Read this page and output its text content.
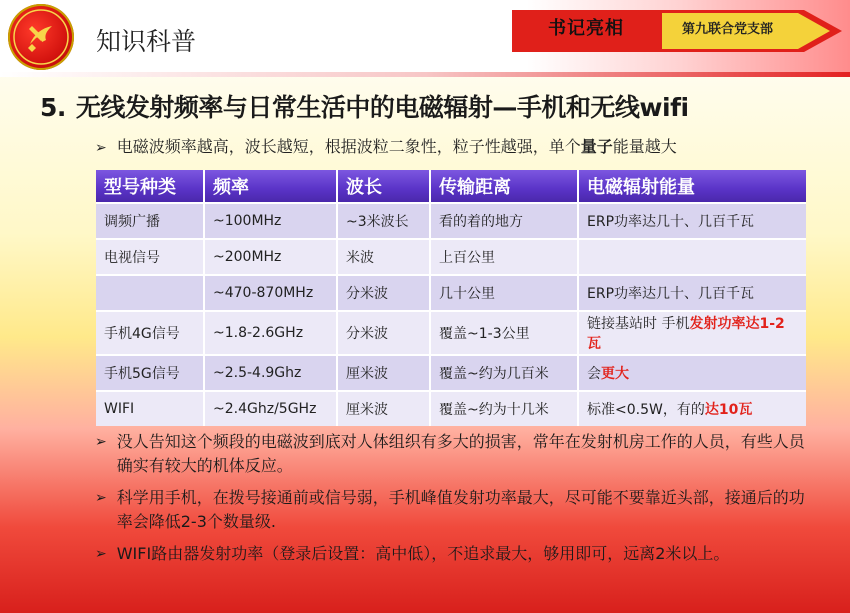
知识科普	书记亮相	第九联合党支部
5. 无线发射频率与日常生活中的电磁辐射—手机和无线wifi
➢ 电磁波频率越高，波长越短，根据波粒二象性，粒子性越强，单个量子能量越大
型号种类	频率	波长	传输距离	电磁辐射能量
调频广播	~100MHz	~3米波长	看的着的地方	ERP功率达几十、几百千瓦
电视信号	~200MHz	米波	上百公里	
	~470-870MHz	分米波	几十公里	ERP功率达几十、几百千瓦
手机4G信号	~1.8-2.6GHz	分米波	覆盖~1-3公里	链接基站时 手机发射功率达1-2瓦
手机5G信号	~2.5-4.9Ghz	厘米波	覆盖~约为几百米	会更大
WIFI	~2.4Ghz/5GHz	厘米波	覆盖~约为十几米	标准<0.5W，有的达10瓦
➢ 没人告知这个频段的电磁波到底对人体组织有多大的损害，常年在发射机房工作的人员，有些人员确实有较大的机体反应。
➢ 科学用手机，在拨号接通前或信号弱，手机峰值发射功率最大，尽可能不要靠近头部，接通后的功率会降低2-3个数量级.
➢ WIFI路由器发射功率（登录后设置：高中低），不追求最大，够用即可，远离2米以上。
